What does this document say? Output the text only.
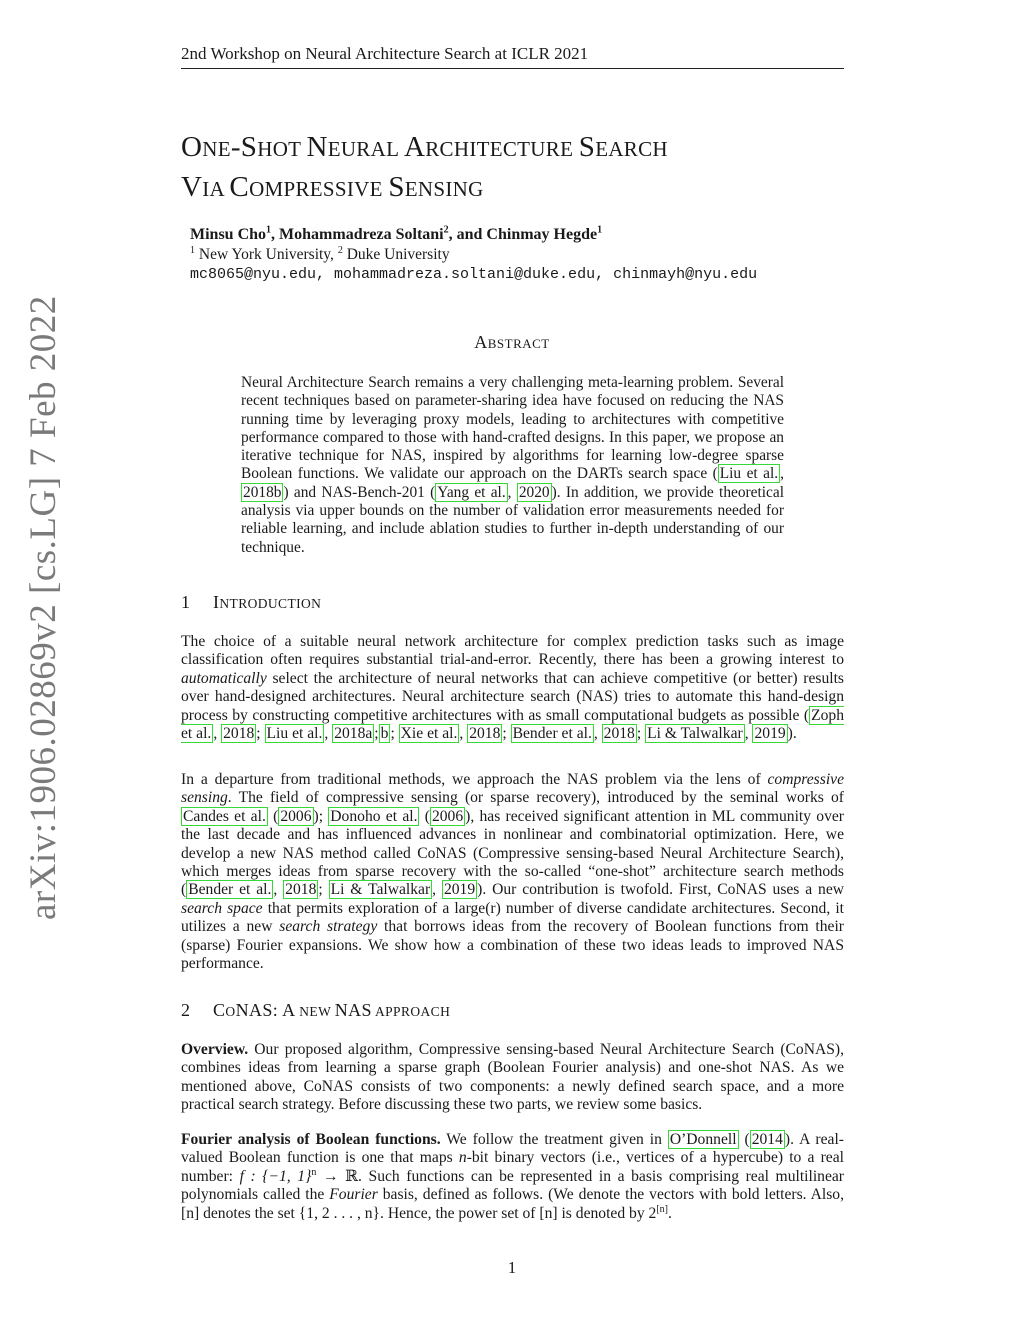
2nd Workshop on Neural Architecture Search at ICLR 2021
ONE-SHOT NEURAL ARCHITECTURE SEARCH
VIA COMPRESSIVE SENSING
Minsu Cho$^1$, Mohammadreza Soltani$^2$, and Chinmay Hegde$^1$
$^1$ New York University, $^2$ Duke University
mc8065@nyu.edu, mohammadreza.soltani@duke.edu, chinmayh@nyu.edu
ABSTRACT

Neural Architecture Search remains a very challenging meta-learning problem. Several recent techniques based on parameter-sharing idea have focused on reducing the NAS running time by leveraging proxy models, leading to architectures with competitive performance compared to those with hand-crafted designs. In this paper, we propose an iterative technique for NAS, inspired by algorithms for learning low-degree sparse Boolean functions. We validate our approach on the DARTs search space ( Liu et al. , 2018b ) and NAS-Bench-201 ( Yang et al. , 2020 ). In addition, we provide theoretical analysis via upper bounds on the number of validation error measurements needed for reliable learning, and include ablation studies to further in-depth understanding of our technique.

1 INTRODUCTION

The choice of a suitable neural network architecture for complex prediction tasks such as image classification often requires substantial trial-and-error. Recently, there has been a growing interest to automatically select the architecture of neural networks that can achieve competitive (or better) results over hand-designed architectures. Neural architecture search (NAS) tries to automate this hand-design process by constructing competitive architectures with as small computational budgets as possible ( Zoph et al. , 2018 ; Liu et al. , 2018a ; b ; Xie et al. , 2018 ; Bender et al. , 2018 ; Li & Talwalkar , 2019 ).

In a departure from traditional methods, we approach the NAS problem via the lens of compressive sensing. The field of compressive sensing (or sparse recovery), introduced by the seminal works of Candes et al. ( 2006 ); Donoho et al. ( 2006 ), has received significant attention in ML community over the last decade and has influenced advances in nonlinear and combinatorial optimization. Here, we develop a new NAS method called CoNAS (Compressive sensing-based Neural Architecture Search), which merges ideas from sparse recovery with the so-called “one-shot” architecture search methods ( Bender et al. , 2018 ; Li & Talwalkar , 2019 ). Our contribution is twofold. First, CoNAS uses a new search space that permits exploration of a large(r) number of diverse candidate architectures. Second, it utilizes a new search strategy that borrows ideas from the recovery of Boolean functions from their (sparse) Fourier expansions. We show how a combination of these two ideas leads to improved NAS performance.

2 CONAS: A NEW NAS APPROACH

Overview. Our proposed algorithm, Compressive sensing-based Neural Architecture Search (CoNAS), combines ideas from learning a sparse graph (Boolean Fourier analysis) and one-shot NAS. As we mentioned above, CoNAS consists of two components: a newly defined search space, and a more practical search strategy. Before discussing these two parts, we review some basics.

Fourier analysis of Boolean functions. We follow the treatment given in O’Donnell ( 2014 ). A real-valued Boolean function is one that maps n-bit binary vectors (i.e., vertices of a hypercube) to a real number: f : {−1, 1}$^n$ → ℝ. Such functions can be represented in a basis comprising real multilinear polynomials called the Fourier basis, defined as follows. (We denote the vectors with bold letters. Also, [n] denotes the set {1, 2 . . . , n}. Hence, the power set of [n] is denoted by 2[n].

arXiv:1906.02869v2 [cs.LG] 7 Feb 2022
1
